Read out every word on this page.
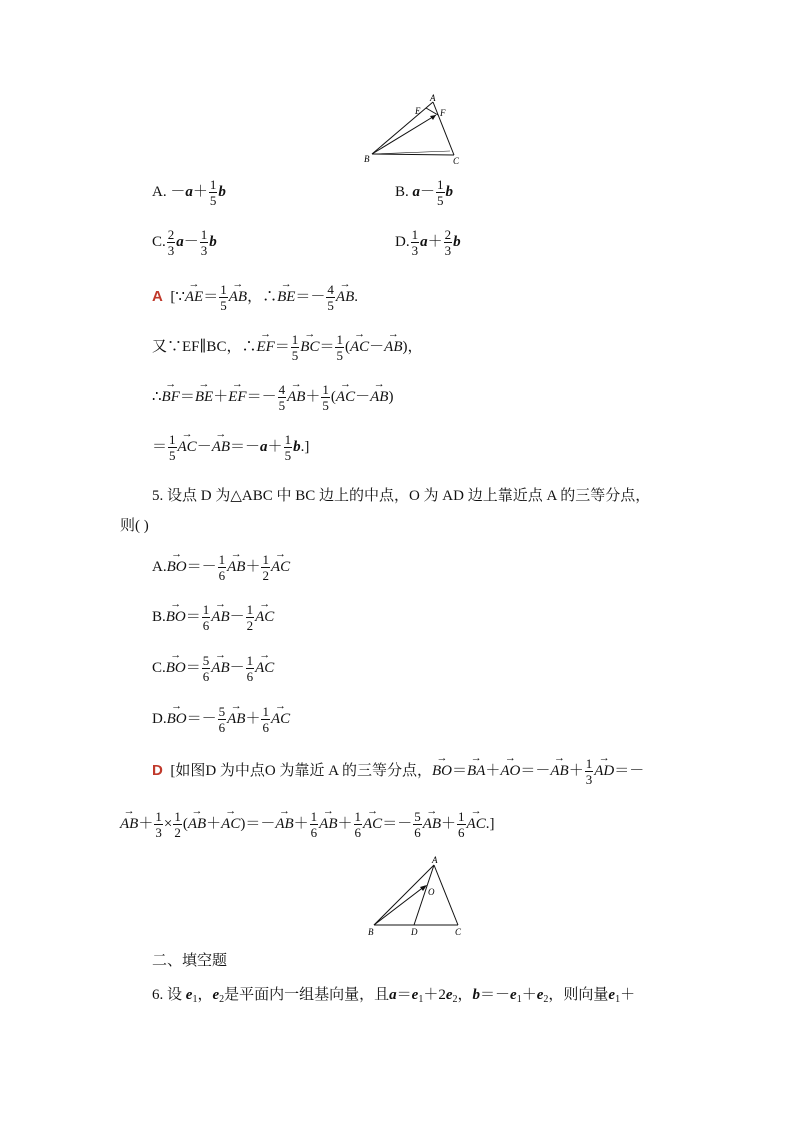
A
E F
B	C
A. $-a+ \frac{1}{5}$ b	B. $a- \frac{1}{5}$ b
C. $\frac{2}{3} a- \frac{1}{3}$ b	D. $\frac{1}{3} a+ \frac{2}{3}$ b
A  [∵→ $AE= \frac{1}{5}$
→ AB，∴→ $BE=- \frac{4}{5}$
→ AB.
又∵EF∥BC，∴→ $EF= \frac{1}{5}$
→ $BC= \frac{1}{5}$ (→ AC－→ AB)，
∴→ $BF=\to BE+\to EF=- \frac{4}{5}$
→ $AB+ \frac{1}{5}$ (→ AC－→ AB)
＝ $\frac{1}{5}$
→ $AC-\to AB=-a+ \frac{1}{5} b$.]
5. 设点 D 为△ABC 中 BC 边上的中点，O 为 AD 边上靠近点 A 的三等分点，
则( )
$A.\to BO=- \frac{1}{6}$
→ $AB+ \frac{1}{2}$
→ AC
$B.\to BO= \frac{1}{6}$
→ $AB- \frac{1}{2}$
→ AC
$C.\to BO= \frac{5}{6}$
→ $AB- \frac{1}{6}$
→ AC
$D.\to BO=- \frac{5}{6}$
→ $AB+ \frac{1}{6}$
→ AC
D [如图D 为中点O 为靠近 A 的三等分点，→ $BO=\to BA+\to AO=-\to AB+ \frac{1}{3}$
→ AD＝－
→ $AB+ \frac{1}{3} \times \frac{1}{2}$ (→ $AB+\to AC)=-\to AB+ \frac{1}{6}$
→ $AB+ \frac{1}{6}$
→ $AC=- \frac{5}{6}$
→ $AB+ \frac{1}{6}$
→ AC.]
A
O
B	D	C
二、填空题
6. 设 $e_1$，$e_2$是平面内一组基向量，且$a=e_1+2e_2$，$b=-e_1+e_2$，则向量$e_1+$
